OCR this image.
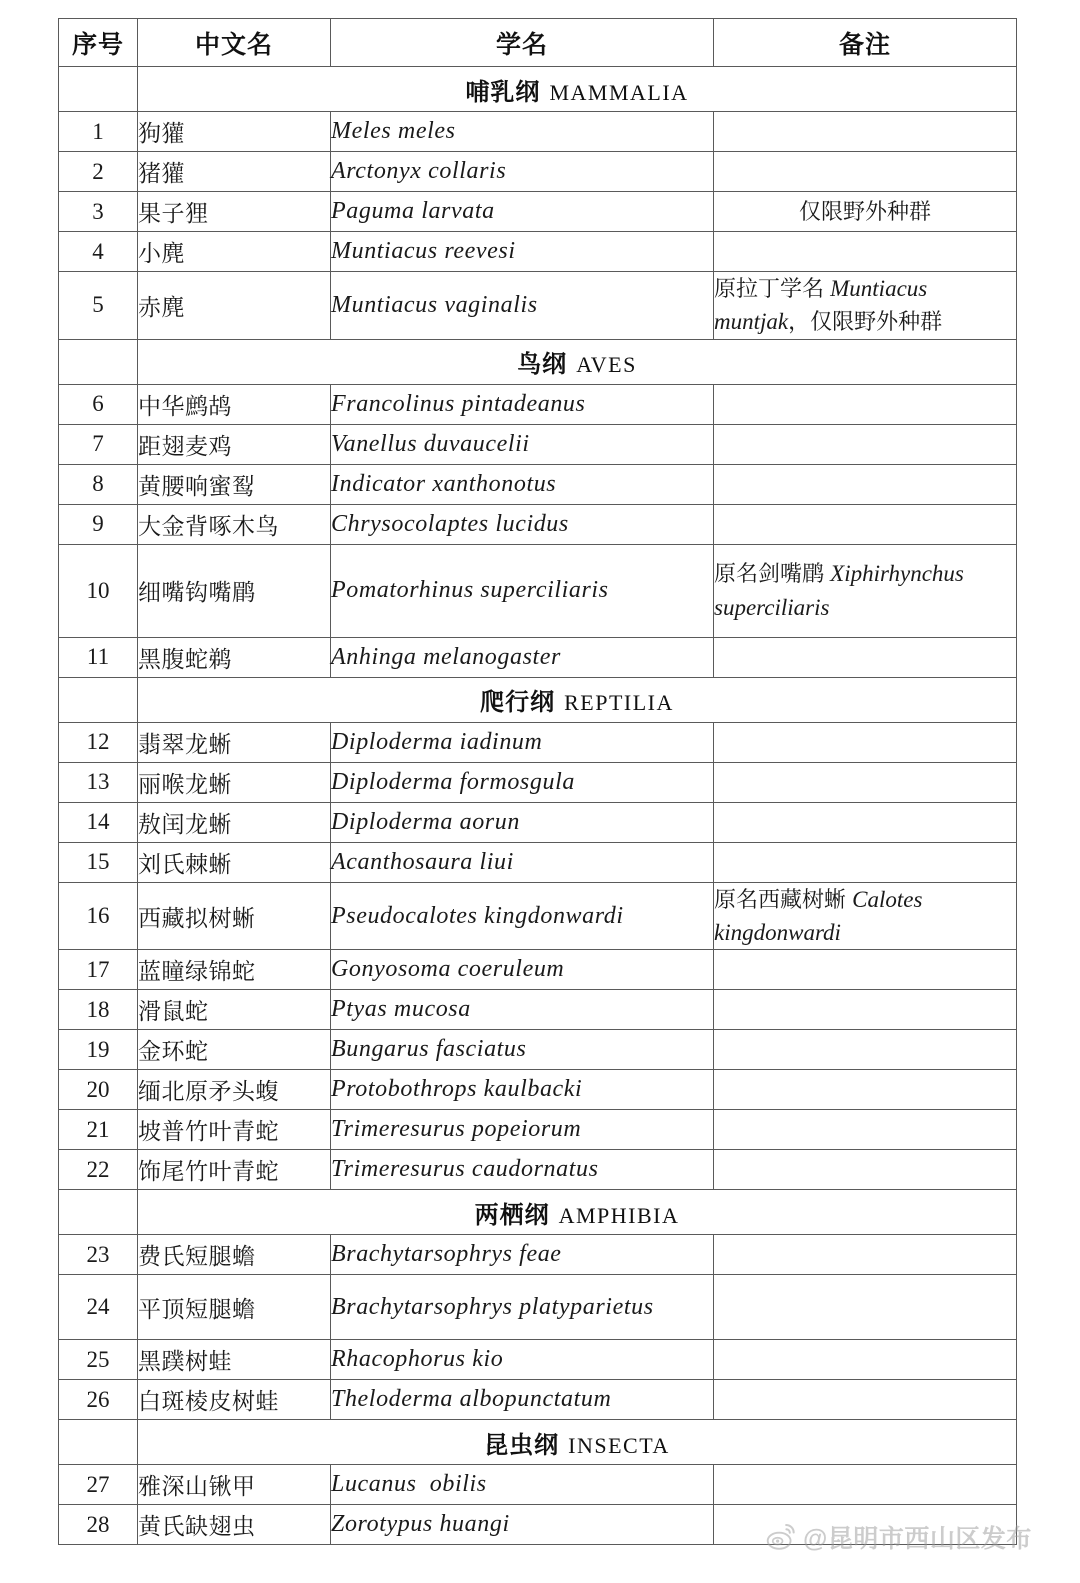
序号	中文名	学名	备注
	哺乳纲 MAMMALIA		
1	狗獾	Meles meles	
2	猪獾	Arctonyx collaris	
3	果子狸	Paguma larvata	仅限野外种群
4	小麂	Muntiacus reevesi	
5	赤麂	Muntiacus vaginalis	原拉丁学名 Muntiacus muntjak，仅限野外种群
	鸟纲 AVES		
6	中华鹧鸪	Francolinus pintadeanus	
7	距翅麦鸡	Vanellus duvaucelii	
8	黄腰响蜜䴕	Indicator xanthonotus	
9	大金背啄木鸟	Chrysocolaptes lucidus	
10	细嘴钩嘴鹛	Pomatorhinus superciliaris	原名剑嘴鹛 Xiphirhynchus superciliaris
11	黑腹蛇鹈	Anhinga melanogaster	
	爬行纲 REPTILIA		
12	翡翠龙蜥	Diploderma iadinum	
13	丽喉龙蜥	Diploderma formosgula	
14	敖闰龙蜥	Diploderma aorun	
15	刘氏棘蜥	Acanthosaura liui	
16	西藏拟树蜥	Pseudocalotes kingdonwardi	原名西藏树蜥 Calotes kingdonwardi
17	蓝瞳绿锦蛇	Gonyosoma coeruleum	
18	滑鼠蛇	Ptyas mucosa	
19	金环蛇	Bungarus fasciatus	
20	缅北原矛头蝮	Protobothrops kaulbacki	
21	坡普竹叶青蛇	Trimeresurus popeiorum	
22	饰尾竹叶青蛇	Trimeresurus caudornatus	
	两栖纲 AMPHIBIA		
23	费氏短腿蟾	Brachytarsophrys feae	
24	平顶短腿蟾	Brachytarsophrys platyparietus	
25	黑蹼树蛙	Rhacophorus kio	
26	白斑棱皮树蛙	Theloderma albopunctatum	
	昆虫纲 INSECTA		
27	雅深山锹甲	Lucanus  obilis	
28	黄氏缺翅虫	Zorotypus huangi	
@昆明市西山区发布
